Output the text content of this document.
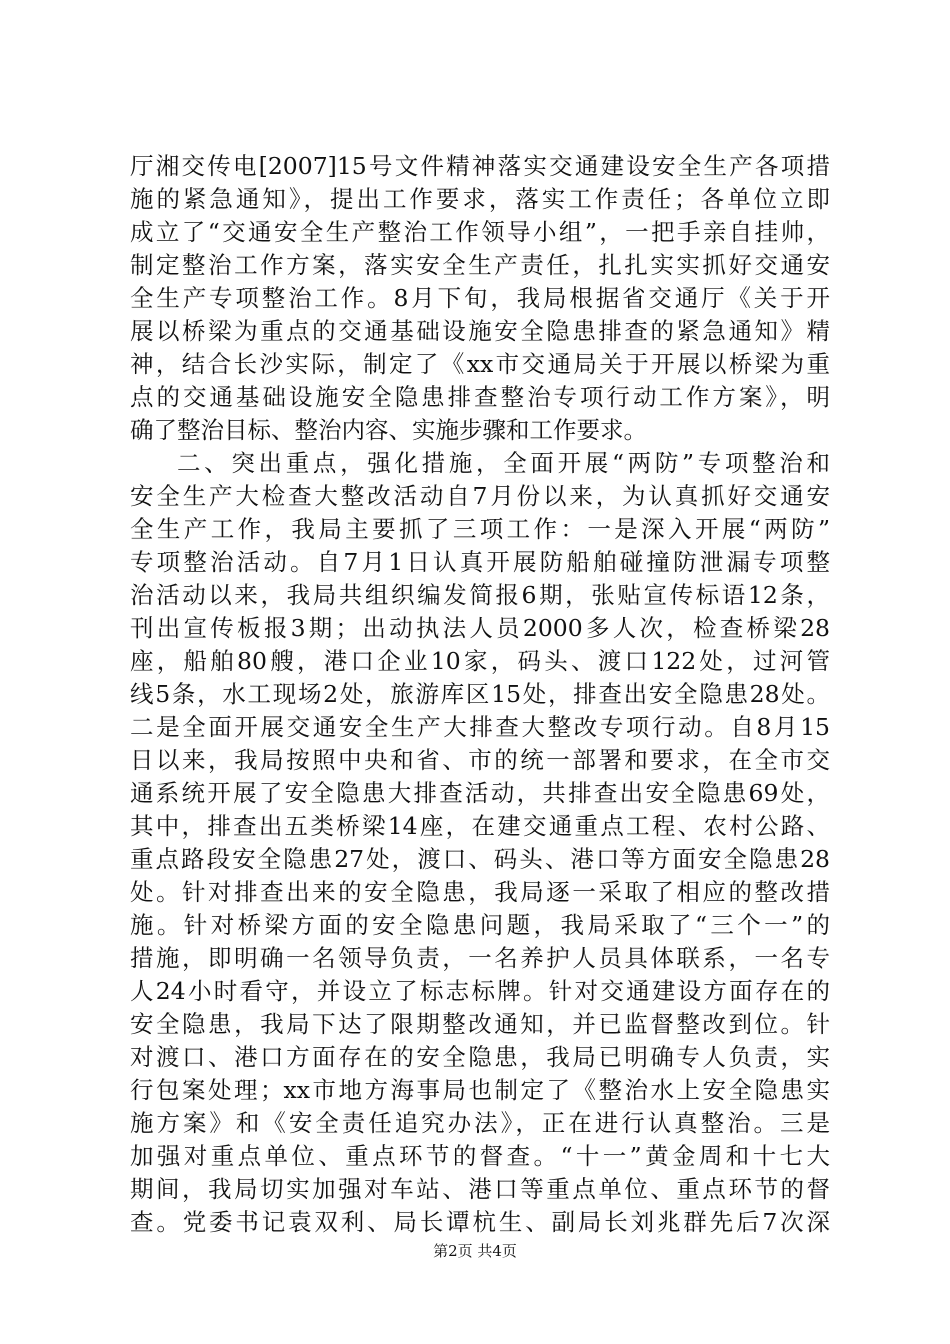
厅湘交传电[2007]15号文件精神落实交通建设安全生产各项措
施的紧急通知》，提出工作要求，落实工作责任；各单位立即
成立了“交通安全生产整治工作领导小组”，一把手亲自挂帅，
制定整治工作方案，落实安全生产责任，扎扎实实抓好交通安
全生产专项整治工作。8月下旬，我局根据省交通厅《关于开
展以桥梁为重点的交通基础设施安全隐患排查的紧急通知》精
神，结合长沙实际，制定了《xx市交通局关于开展以桥梁为重
点的交通基础设施安全隐患排查整治专项行动工作方案》，明
确了整治目标、整治内容、实施步骤和工作要求。
二、突出重点，强化措施，全面开展“两防”专项整治和
安全生产大检查大整改活动自7月份以来，为认真抓好交通安
全生产工作，我局主要抓了三项工作：一是深入开展“两防”
专项整治活动。自7月1日认真开展防船舶碰撞防泄漏专项整
治活动以来，我局共组织编发简报6期，张贴宣传标语12条，
刊出宣传板报3期；出动执法人员2000多人次，检查桥梁28
座，船舶80艘，港口企业10家，码头、渡口122处，过河管
线5条，水工现场2处，旅游库区15处，排查出安全隐患28处。
二是全面开展交通安全生产大排查大整改专项行动。自8月15
日以来，我局按照中央和省、市的统一部署和要求，在全市交
通系统开展了安全隐患大排查活动，共排查出安全隐患69处，
其中，排查出五类桥梁14座，在建交通重点工程、农村公路、
重点路段安全隐患27处，渡口、码头、港口等方面安全隐患28
处。针对排查出来的安全隐患，我局逐一采取了相应的整改措
施。针对桥梁方面的安全隐患问题，我局采取了“三个一”的
措施，即明确一名领导负责，一名养护人员具体联系，一名专
人24小时看守，并设立了标志标牌。针对交通建设方面存在的
安全隐患，我局下达了限期整改通知，并已监督整改到位。针
对渡口、港口方面存在的安全隐患，我局已明确专人负责，实
行包案处理；xx市地方海事局也制定了《整治水上安全隐患实
施方案》和《安全责任追究办法》，正在进行认真整治。三是
加强对重点单位、重点环节的督查。“十一”黄金周和十七大
期间，我局切实加强对车站、港口等重点单位、重点环节的督
查。党委书记袁双利、局长谭杭生、副局长刘兆群先后7次深
第2页 共4页
